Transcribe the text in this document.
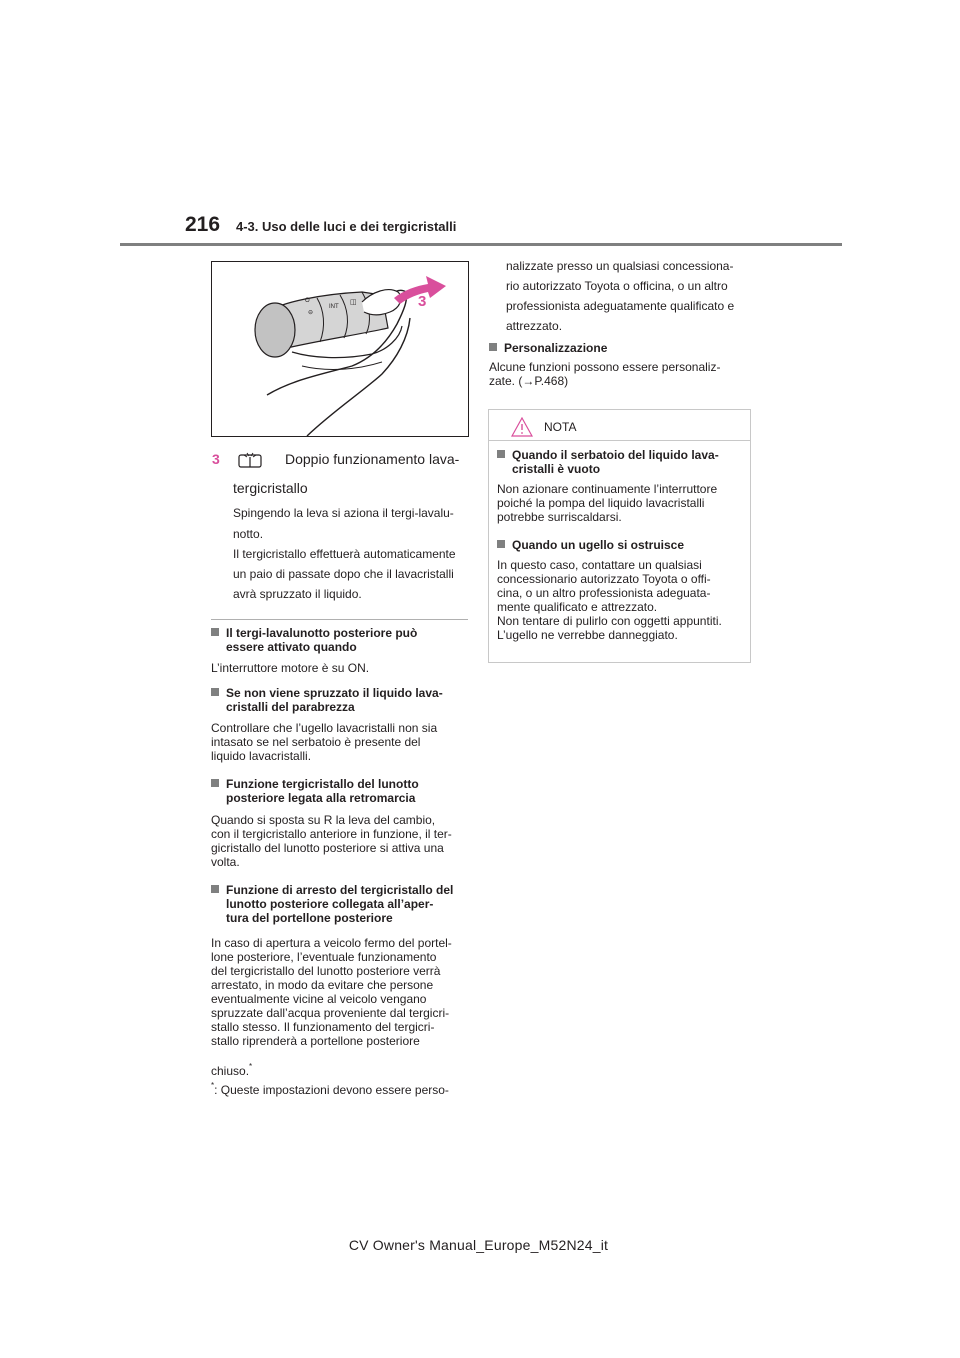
216 4-3. Uso delle luci e dei tergicristalli
O
⊖
INT
◫	3
3	Doppio funzionamento lava-
tergicristallo
Spingendo la leva si aziona il tergi-lavalu-
notto.
Il tergicristallo effettuerà automaticamente
un paio di passate dopo che il lavacristalli
avrà spruzzato il liquido.
Il tergi-lavalunotto posteriore può
essere attivato quando
L’interruttore motore è su ON.
Se non viene spruzzato il liquido lava-
cristalli del parabrezza
Controllare che l’ugello lavacristalli non sia
intasato se nel serbatoio è presente del
liquido lavacristalli.
Funzione tergicristallo del lunotto
posteriore legata alla retromarcia
Quando si sposta su R la leva del cambio,
con il tergicristallo anteriore in funzione, il ter-
gicristallo del lunotto posteriore si attiva una
volta.
Funzione di arresto del tergicristallo del
lunotto posteriore collegata all’aper-
tura del portellone posteriore
In caso di apertura a veicolo fermo del portel-
lone posteriore, l’eventuale funzionamento
del tergicristallo del lunotto posteriore verrà
arrestato, in modo da evitare che persone
eventualmente vicine al veicolo vengano
spruzzate dall’acqua proveniente dal tergicri-
stallo stesso. Il funzionamento del tergicri-
stallo riprenderà a portellone posteriore
chiuso.*
*: Queste impostazioni devono essere perso-
nalizzate presso un qualsiasi concessiona-
rio autorizzato Toyota o officina, o un altro
professionista adeguatamente qualificato e
attrezzato.
Personalizzazione
Alcune funzioni possono essere personaliz-
zate. (→P.468)
NOTA
Quando il serbatoio del liquido lava-
cristalli è vuoto
Non azionare continuamente l’interruttore
poiché la pompa del liquido lavacristalli
potrebbe surriscaldarsi.
Quando un ugello si ostruisce
In questo caso, contattare un qualsiasi
concessionario autorizzato Toyota o offi-
cina, o un altro professionista adeguata-
mente qualificato e attrezzato.
Non tentare di pulirlo con oggetti appuntiti.
L’ugello ne verrebbe danneggiato.
CV Owner's Manual_Europe_M52N24_it
